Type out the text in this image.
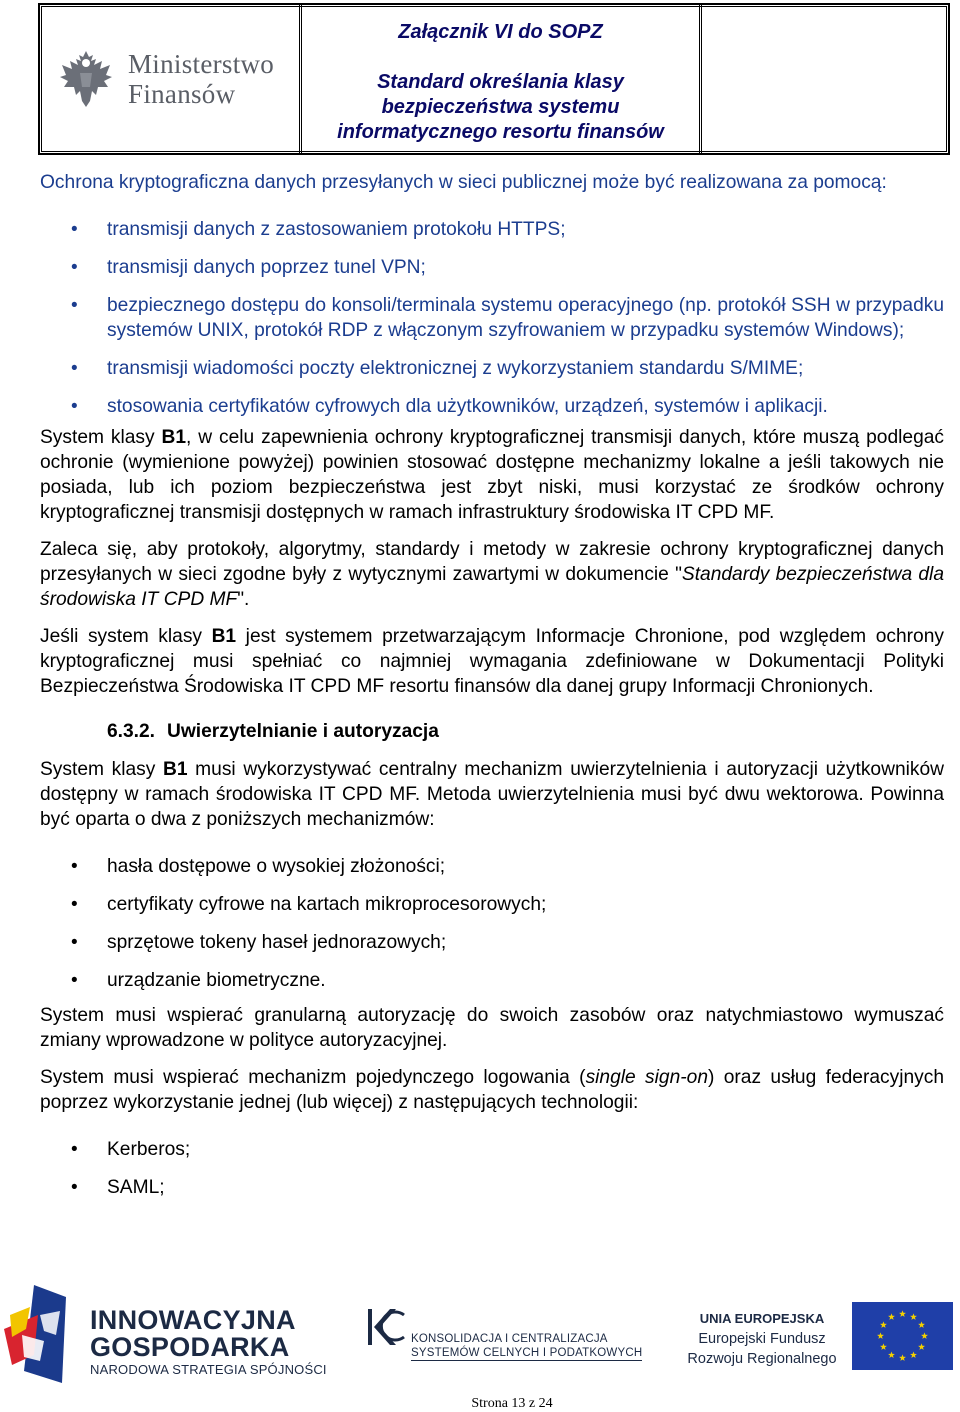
Ministerstwo
Finansów
Załącznik VI do SOPZ
Standard określania klasy
bezpieczeństwa systemu
informatycznego resortu finansów

Ochrona kryptograficzna danych przesyłanych w sieci publicznej może być realizowana za pomocą:

• transmisji danych z zastosowaniem protokołu HTTPS;
• transmisji danych poprzez tunel VPN;
• bezpiecznego dostępu do konsoli/terminala systemu operacyjnego (np. protokół SSH w przypadku systemów UNIX, protokół RDP z włączonym szyfrowaniem w przypadku systemów Windows);
• transmisji wiadomości poczty elektronicznej z wykorzystaniem standardu S/MIME;
• stosowania certyfikatów cyfrowych dla użytkowników, urządzeń, systemów i aplikacji.

System klasy B1, w celu zapewnienia ochrony kryptograficznej transmisji danych, które muszą podlegać ochronie (wymienione powyżej) powinien stosować dostępne mechanizmy lokalne a jeśli takowych nie posiada, lub ich poziom bezpieczeństwa jest zbyt niski, musi korzystać ze środków ochrony kryptograficznej transmisji dostępnych w ramach infrastruktury środowiska IT CPD MF.

Zaleca się, aby protokoły, algorytmy, standardy i metody w zakresie ochrony kryptograficznej danych przesyłanych w sieci zgodne były z wytycznymi zawartymi w dokumencie "Standardy bezpieczeństwa dla środowiska IT CPD MF".

Jeśli system klasy B1 jest systemem przetwarzającym Informacje Chronione, pod względem ochrony kryptograficznej musi spełniać co najmniej wymagania zdefiniowane w Dokumentacji Polityki Bezpieczeństwa Środowiska IT CPD MF resortu finansów dla danej grupy Informacji Chronionych.

6.3.2. Uwierzytelnianie i autoryzacja

System klasy B1 musi wykorzystywać centralny mechanizm uwierzytelnienia i autoryzacji użytkowników dostępny w ramach środowiska IT CPD MF. Metoda uwierzytelnienia musi być dwu wektorowa. Powinna być oparta o dwa z poniższych mechanizmów:

• hasła dostępowe o wysokiej złożoności;
• certyfikaty cyfrowe na kartach mikroprocesorowych;
• sprzętowe tokeny haseł jednorazowych;
• urządzanie biometryczne.

System musi wspierać granularną autoryzację do swoich zasobów oraz natychmiastowo wymuszać zmiany wprowadzone w polityce autoryzacyjnej.

System musi wspierać mechanizm pojedynczego logowania (single sign-on) oraz usług federacyjnych poprzez wykorzystanie jednej (lub więcej) z następujących technologii:

• Kerberos;
• SAML;
INNOWACYJNA
GOSPODARKA
NARODOWA STRATEGIA SPÓJNOŚCI
KONSOLIDACJA I CENTRALIZACJA
SYSTEMÓW CELNYCH I PODATKOWYCH
UNIA EUROPEJSKA
Europejski Fundusz
Rozwoju Regionalnego
Strona 13 z 24
